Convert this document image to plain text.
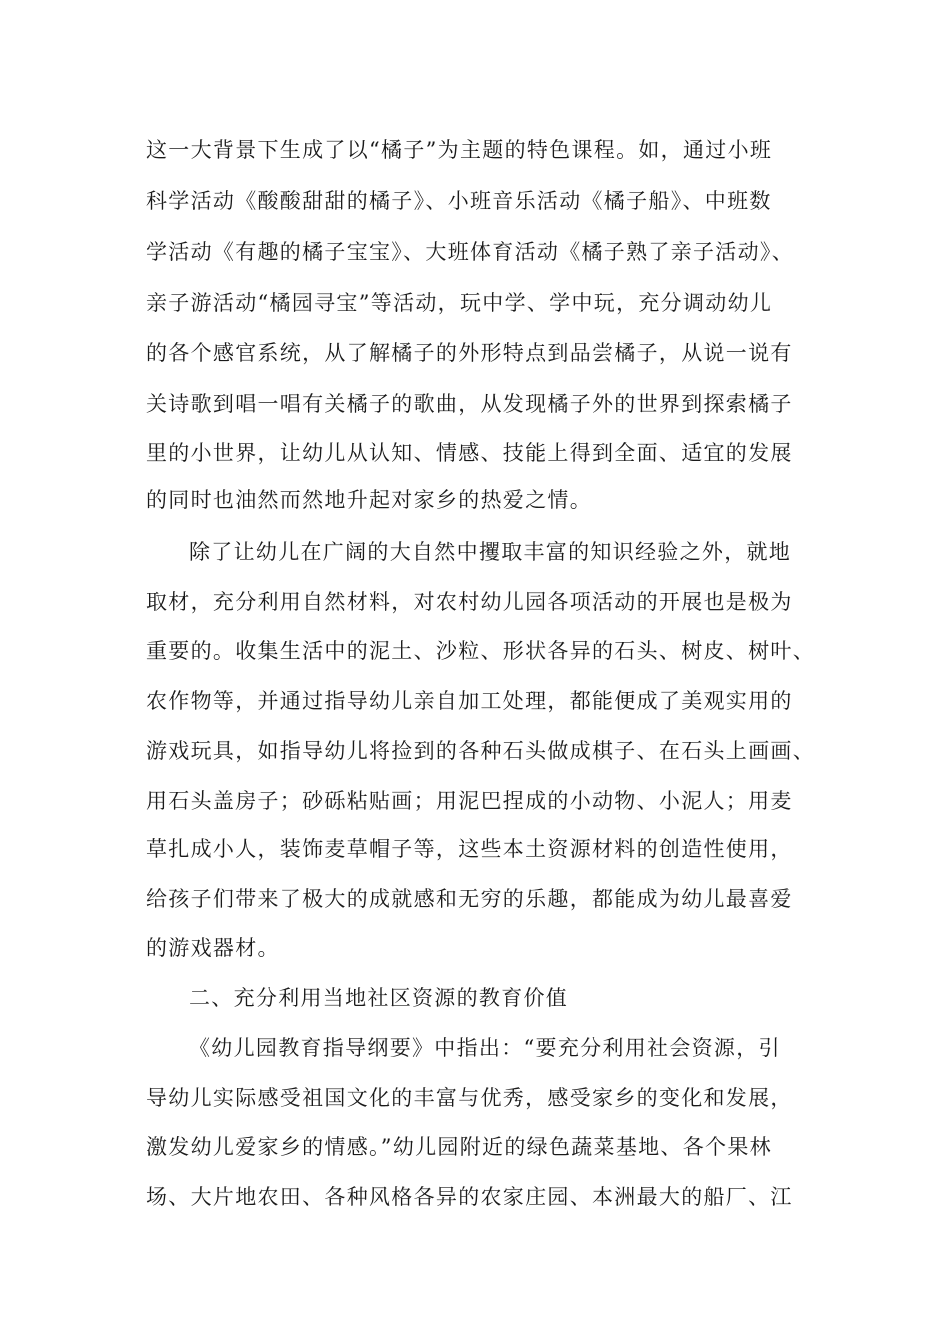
这一大背景下生成了以“橘子”为主题的特色课程。如，通过小班
科学活动《酸酸甜甜的橘子》、小班音乐活动《橘子船》、中班数
学活动《有趣的橘子宝宝》、大班体育活动《橘子熟了亲子活动》、
亲子游活动“橘园寻宝”等活动，玩中学、学中玩，充分调动幼儿
的各个感官系统，从了解橘子的外形特点到品尝橘子，从说一说有
关诗歌到唱一唱有关橘子的歌曲，从发现橘子外的世界到探索橘子
里的小世界，让幼儿从认知、情感、技能上得到全面、适宜的发展
的同时也油然而然地升起对家乡的热爱之情。
除了让幼儿在广阔的大自然中攫取丰富的知识经验之外，就地
取材，充分利用自然材料，对农村幼儿园各项活动的开展也是极为
重要的。收集生活中的泥土、沙粒、形状各异的石头、树皮、树叶、
农作物等，并通过指导幼儿亲自加工处理，都能便成了美观实用的
游戏玩具，如指导幼儿将捡到的各种石头做成棋子、在石头上画画、
用石头盖房子；砂砾粘贴画；用泥巴捏成的小动物、小泥人；用麦
草扎成小人，装饰麦草帽子等，这些本土资源材料的创造性使用，
给孩子们带来了极大的成就感和无穷的乐趣，都能成为幼儿最喜爱
的游戏器材。
二、充分利用当地社区资源的教育价值
《幼儿园教育指导纲要》中指出：“要充分利用社会资源，引
导幼儿实际感受祖国文化的丰富与优秀，感受家乡的变化和发展，
激发幼儿爱家乡的情感。”幼儿园附近的绿色蔬菜基地、各个果林
场、大片地农田、各种风格各异的农家庄园、本洲最大的船厂、江
